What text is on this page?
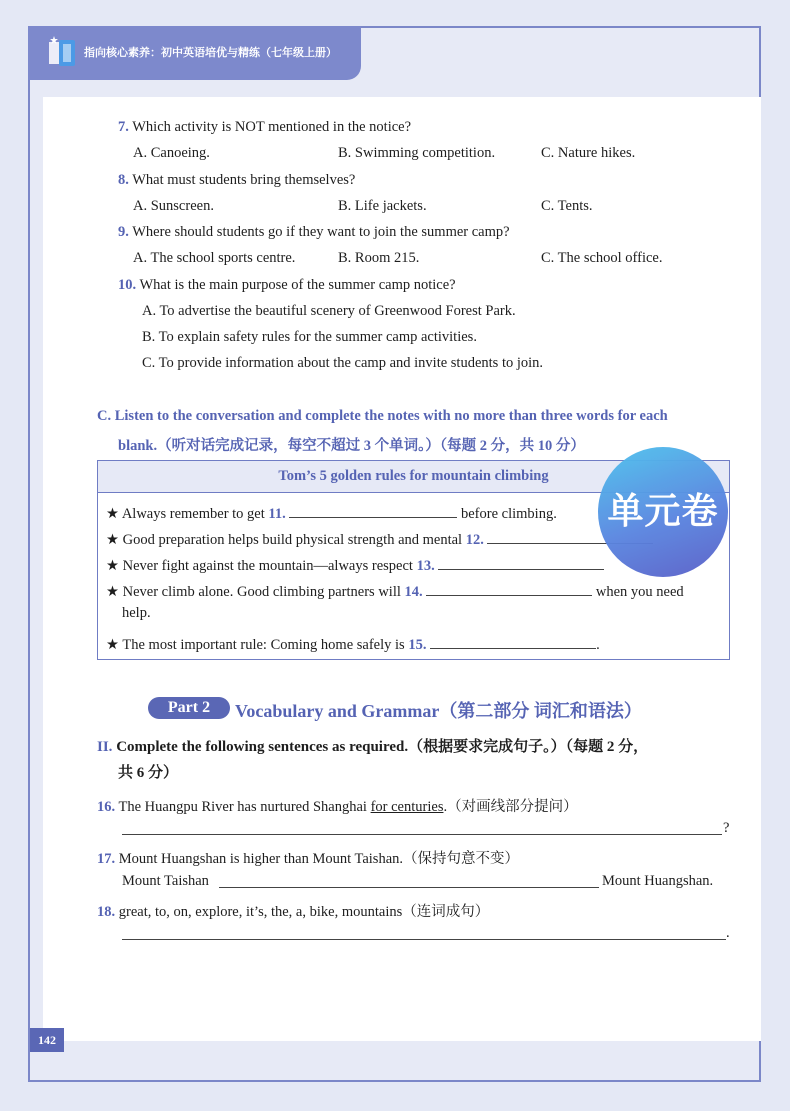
指向核心素养：初中英语培优与精练（七年级上册）
7. Which activity is NOT mentioned in the notice?
A. Canoeing.	B. Swimming competition.	C. Nature hikes.
8. What must students bring themselves?
A. Sunscreen.	B. Life jackets.	C. Tents.
9. Where should students go if they want to join the summer camp?
A. The school sports centre.	B. Room 215.	C. The school office.
10. What is the main purpose of the summer camp notice?
A. To advertise the beautiful scenery of Greenwood Forest Park.
B. To explain safety rules for the summer camp activities.
C. To provide information about the camp and invite students to join.
C. Listen to the conversation and complete the notes with no more than three words for each
blank.（听对话完成记录，每空不超过 3 个单词。）（每题 2 分，共 10 分）
Tom’s 5 golden rules for mountain climbing
★ Always remember to get 11.	before climbing.
★ Good preparation helps build physical strength and mental 12.
★ Never fight against the mountain—always respect 13.
★ Never climb alone. Good climbing partners will 14.	when you need
help.
★ The most important rule: Coming home safely is 15.	.
单元卷
Part 2	Vocabulary and Grammar（第二部分 词汇和语法）
II. Complete the following sentences as required.（根据要求完成句子。）（每题 2 分，
共 6 分）
16. The Huangpu River has nurtured Shanghai for centuries.（对画线部分提问）
?
17. Mount Huangshan is higher than Mount Taishan.（保持句意不变）
Mount Taishan	Mount Huangshan.
18. great, to, on, explore, it’s, the, a, bike, mountains（连词成句）
.
142
